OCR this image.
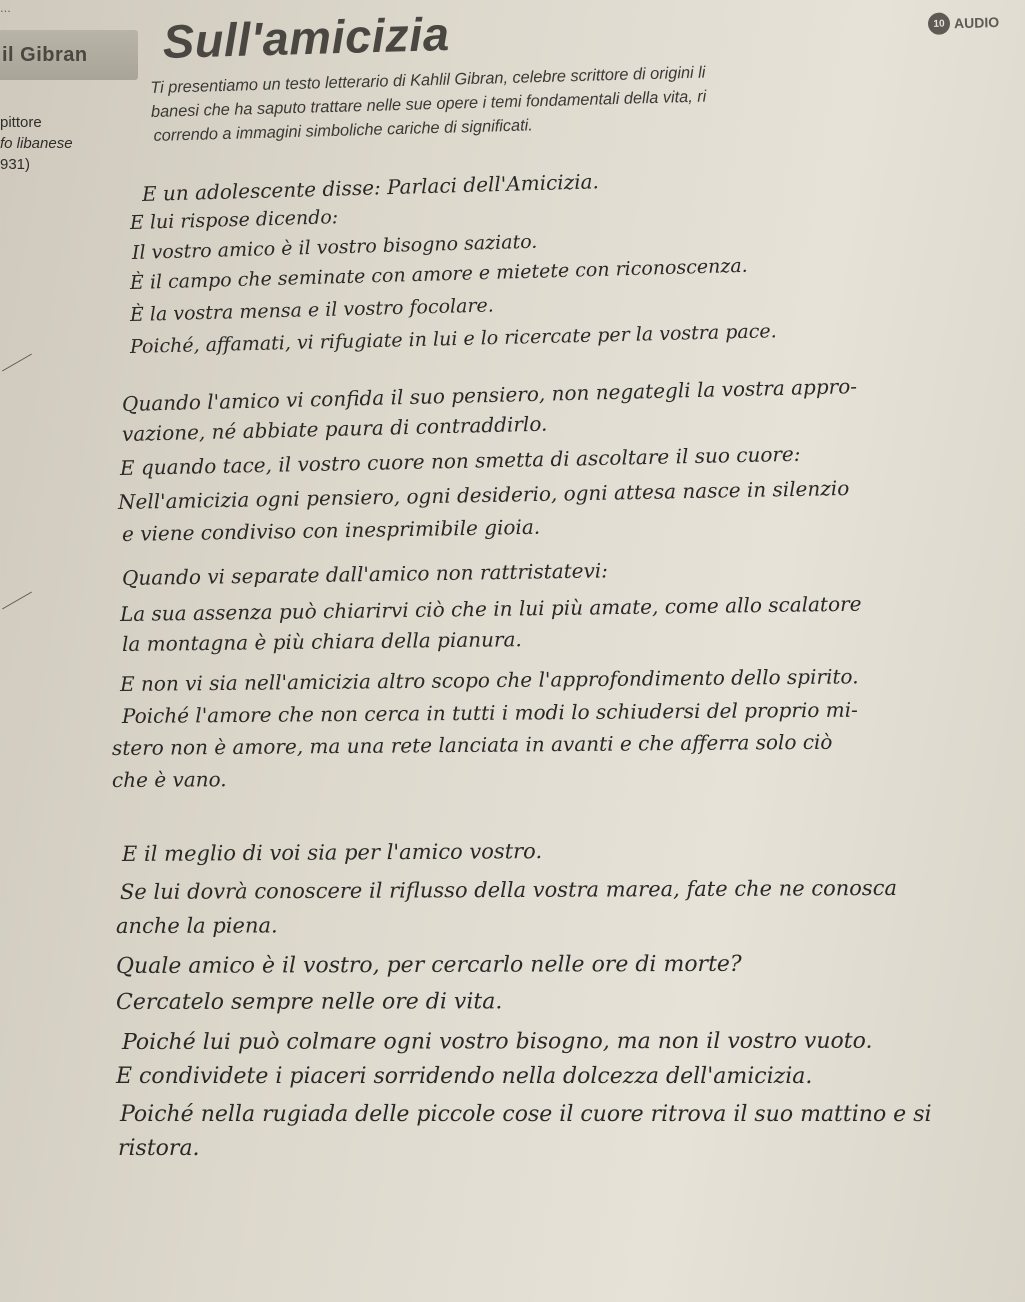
...
il Gibran
pittore
fo libanese
931)
Sull'amicizia	10 AUDIO
Ti presentiamo un testo letterario di Kahlil Gibran, celebre scrittore di origini li
banesi che ha saputo trattare nelle sue opere i temi fondamentali della vita, ri
correndo a immagini simboliche cariche di significati.
E un adolescente disse: Parlaci dell'Amicizia.
E lui rispose dicendo:
Il vostro amico è il vostro bisogno saziato.
È il campo che seminate con amore e mietete con riconoscenza.
È la vostra mensa e il vostro focolare.
Poiché, affamati, vi rifugiate in lui e lo ricercate per la vostra pace.
Quando l'amico vi confida il suo pensiero, non negategli la vostra appro-
vazione, né abbiate paura di contraddirlo.
E quando tace, il vostro cuore non smetta di ascoltare il suo cuore:
Nell'amicizia ogni pensiero, ogni desiderio, ogni attesa nasce in silenzio
e viene condiviso con inesprimibile gioia.
Quando vi separate dall'amico non rattristatevi:
La sua assenza può chiarirvi ciò che in lui più amate, come allo scalatore
la montagna è più chiara della pianura.
E non vi sia nell'amicizia altro scopo che l'approfondimento dello spirito.
Poiché l'amore che non cerca in tutti i modi lo schiudersi del proprio mi-
stero non è amore, ma una rete lanciata in avanti e che afferra solo ciò
che è vano.
E il meglio di voi sia per l'amico vostro.
Se lui dovrà conoscere il riflusso della vostra marea, fate che ne conosca
anche la piena.
Quale amico è il vostro, per cercarlo nelle ore di morte?
Cercatelo sempre nelle ore di vita.
Poiché lui può colmare ogni vostro bisogno, ma non il vostro vuoto.
E condividete i piaceri sorridendo nella dolcezza dell'amicizia.
Poiché nella rugiada delle piccole cose il cuore ritrova il suo mattino e si
ristora.
